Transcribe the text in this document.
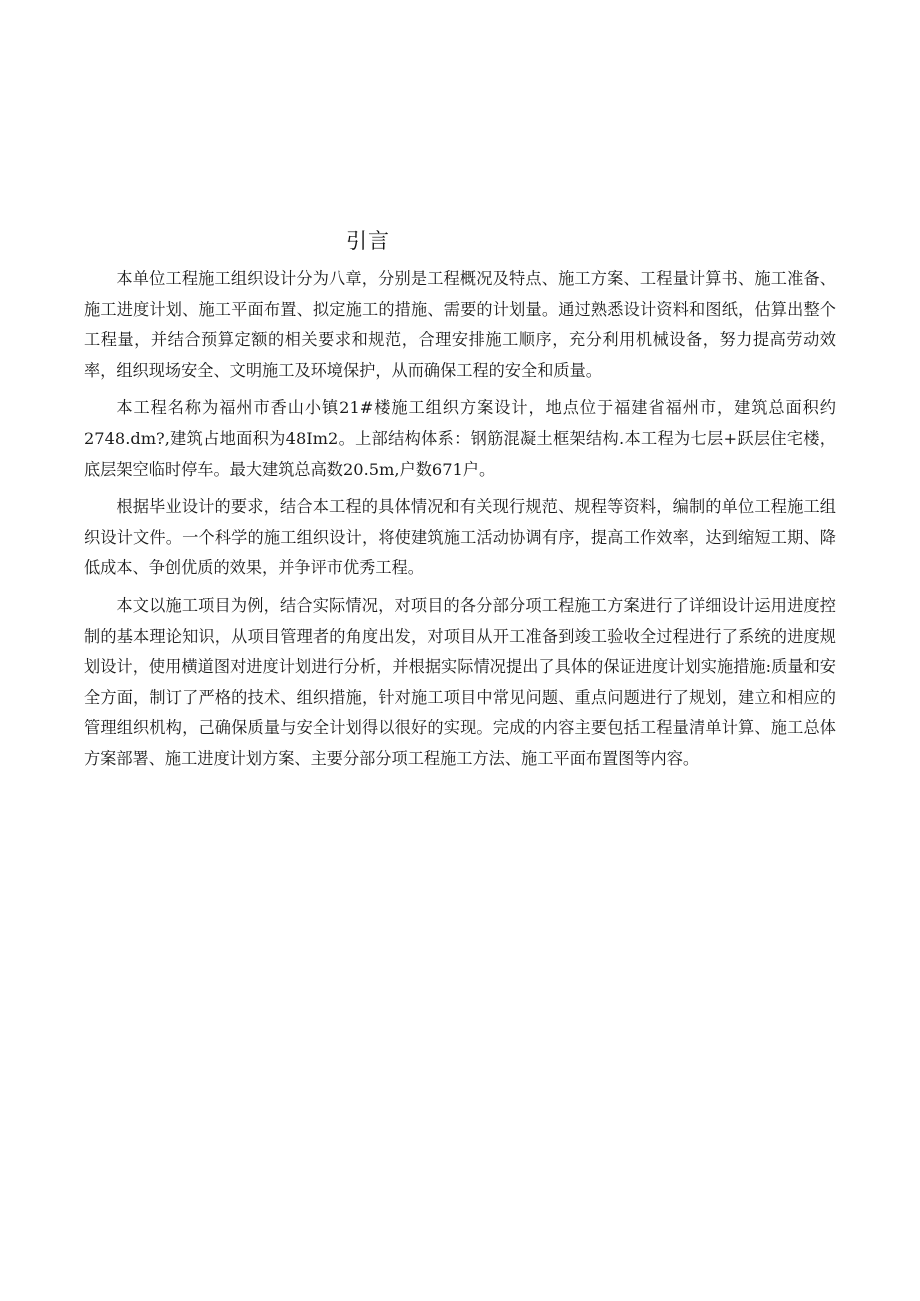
引言

本单位工程施工组织设计分为八章，分别是工程概况及特点、施工方案、工程量计算书、施工准备、施工进度计划、施工平面布置、拟定施工的措施、需要的计划量。通过熟悉设计资料和图纸，估算出整个工程量，并结合预算定额的相关要求和规范，合理安排施工顺序，充分利用机械设备，努力提高劳动效率，组织现场安全、文明施工及环境保护，从而确保工程的安全和质量。

本工程名称为福州市香山小镇21#楼施工组织方案设计，地点位于福建省福州市，建筑总面积约2748.dm?,建筑占地面积为48Im2。上部结构体系：钢筋混凝土框架结构.本工程为七层+跃层住宅楼，底层架空临时停车。最大建筑总高数20.5m,户数671户。

根据毕业设计的要求，结合本工程的具体情况和有关现行规范、规程等资料，编制的单位工程施工组织设计文件。一个科学的施工组织设计，将使建筑施工活动协调有序，提高工作效率，达到缩短工期、降低成本、争创优质的效果，并争评市优秀工程。

本文以施工项目为例，结合实际情况，对项目的各分部分项工程施工方案进行了详细设计运用进度控制的基本理论知识，从项目管理者的角度出发，对项目从开工准备到竣工验收全过程进行了系统的进度规划设计，使用横道图对进度计划进行分析，并根据实际情况提出了具体的保证进度计划实施措施:质量和安全方面，制订了严格的技术、组织措施，针对施工项目中常见问题、重点问题进行了规划，建立和相应的管理组织机构，己确保质量与安全计划得以很好的实现。完成的内容主要包括工程量清单计算、施工总体方案部署、施工进度计划方案、主要分部分项工程施工方法、施工平面布置图等内容。
